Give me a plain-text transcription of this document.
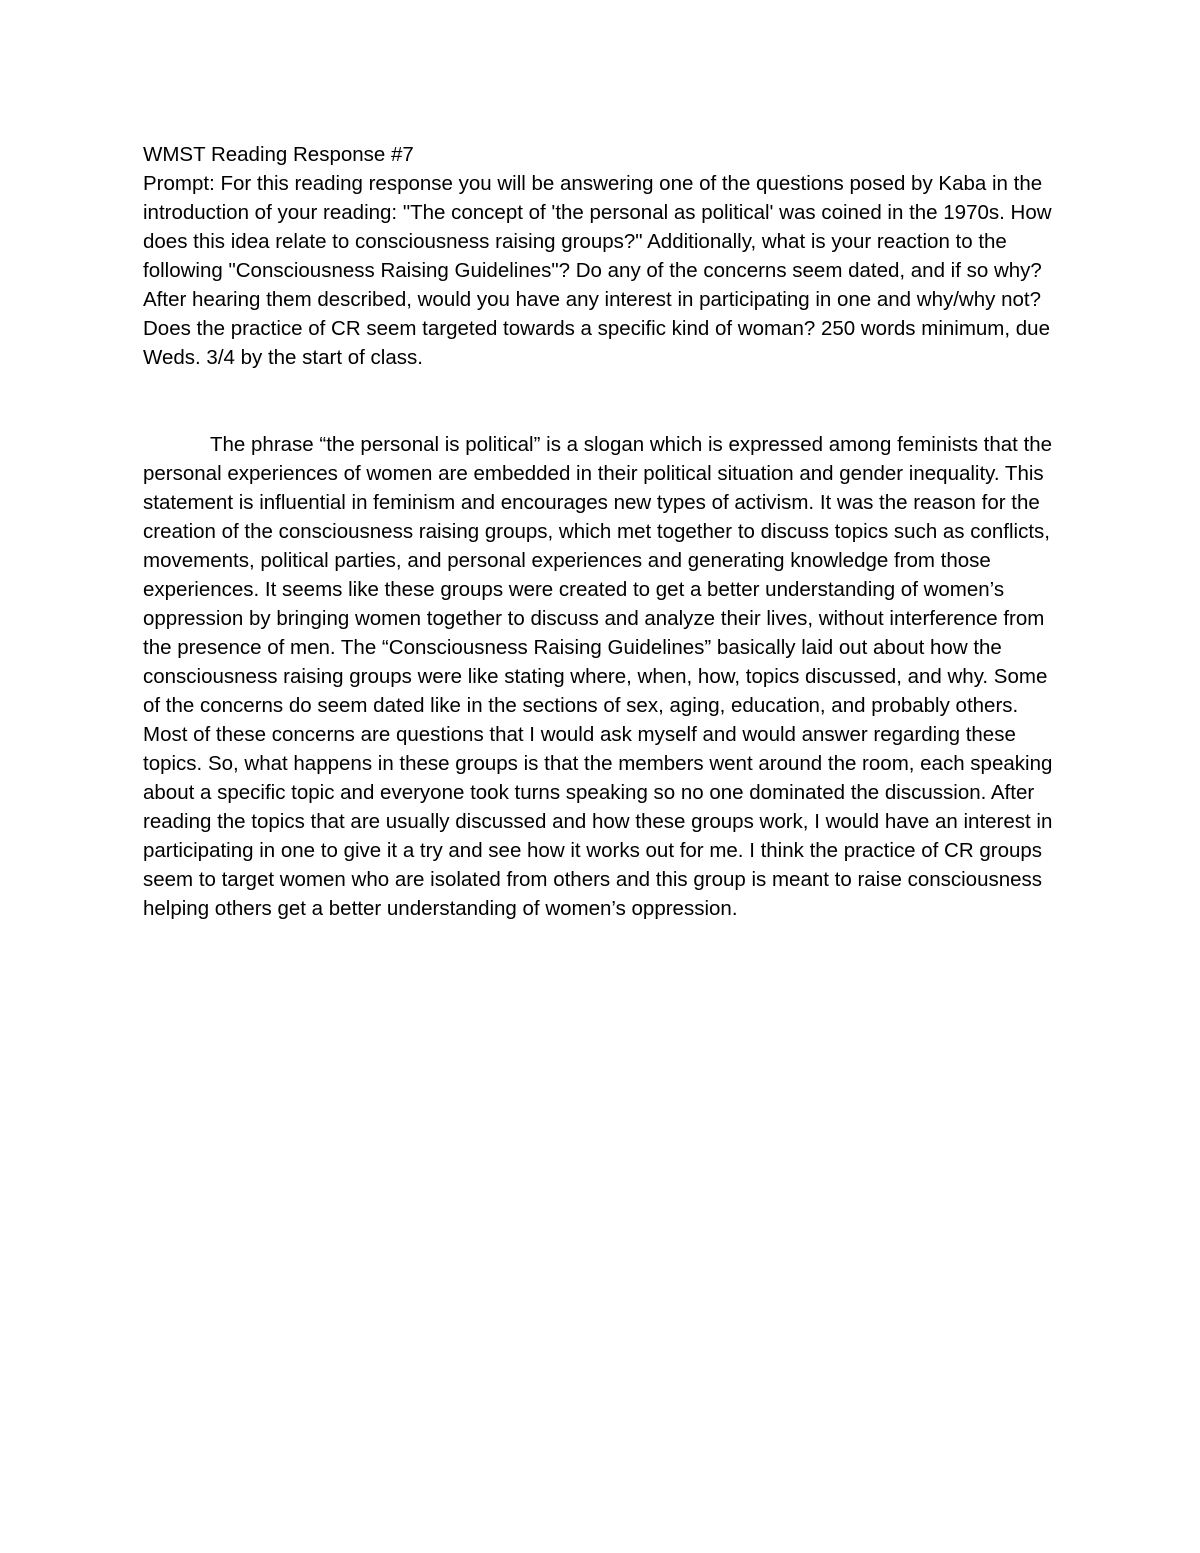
WMST Reading Response #7

Prompt: For this reading response you will be answering one of the questions posed by Kaba in the introduction of your reading: "The concept of 'the personal as political' was coined in the 1970s. How does this idea relate to consciousness raising groups?" Additionally, what is your reaction to the following "Consciousness Raising Guidelines"? Do any of the concerns seem dated, and if so why? After hearing them described, would you have any interest in participating in one and why/why not? Does the practice of CR seem targeted towards a specific kind of woman? 250 words minimum, due Weds. 3/4 by the start of class.

The phrase “the personal is political” is a slogan which is expressed among feminists that the personal experiences of women are embedded in their political situation and gender inequality. This statement is influential in feminism and encourages new types of activism. It was the reason for the creation of the consciousness raising groups, which met together to discuss topics such as conflicts, movements, political parties, and personal experiences and generating knowledge from those experiences. It seems like these groups were created to get a better understanding of women’s oppression by bringing women together to discuss and analyze their lives, without interference from the presence of men. The “Consciousness Raising Guidelines” basically laid out about how the consciousness raising groups were like stating where, when, how, topics discussed, and why. Some of the concerns do seem dated like in the sections of sex, aging, education, and probably others. Most of these concerns are questions that I would ask myself and would answer regarding these topics. So, what happens in these groups is that the members went around the room, each speaking about a specific topic and everyone took turns speaking so no one dominated the discussion. After reading the topics that are usually discussed and how these groups work, I would have an interest in participating in one to give it a try and see how it works out for me. I think the practice of CR groups seem to target women who are isolated from others and this group is meant to raise consciousness helping others get a better understanding of women’s oppression.
